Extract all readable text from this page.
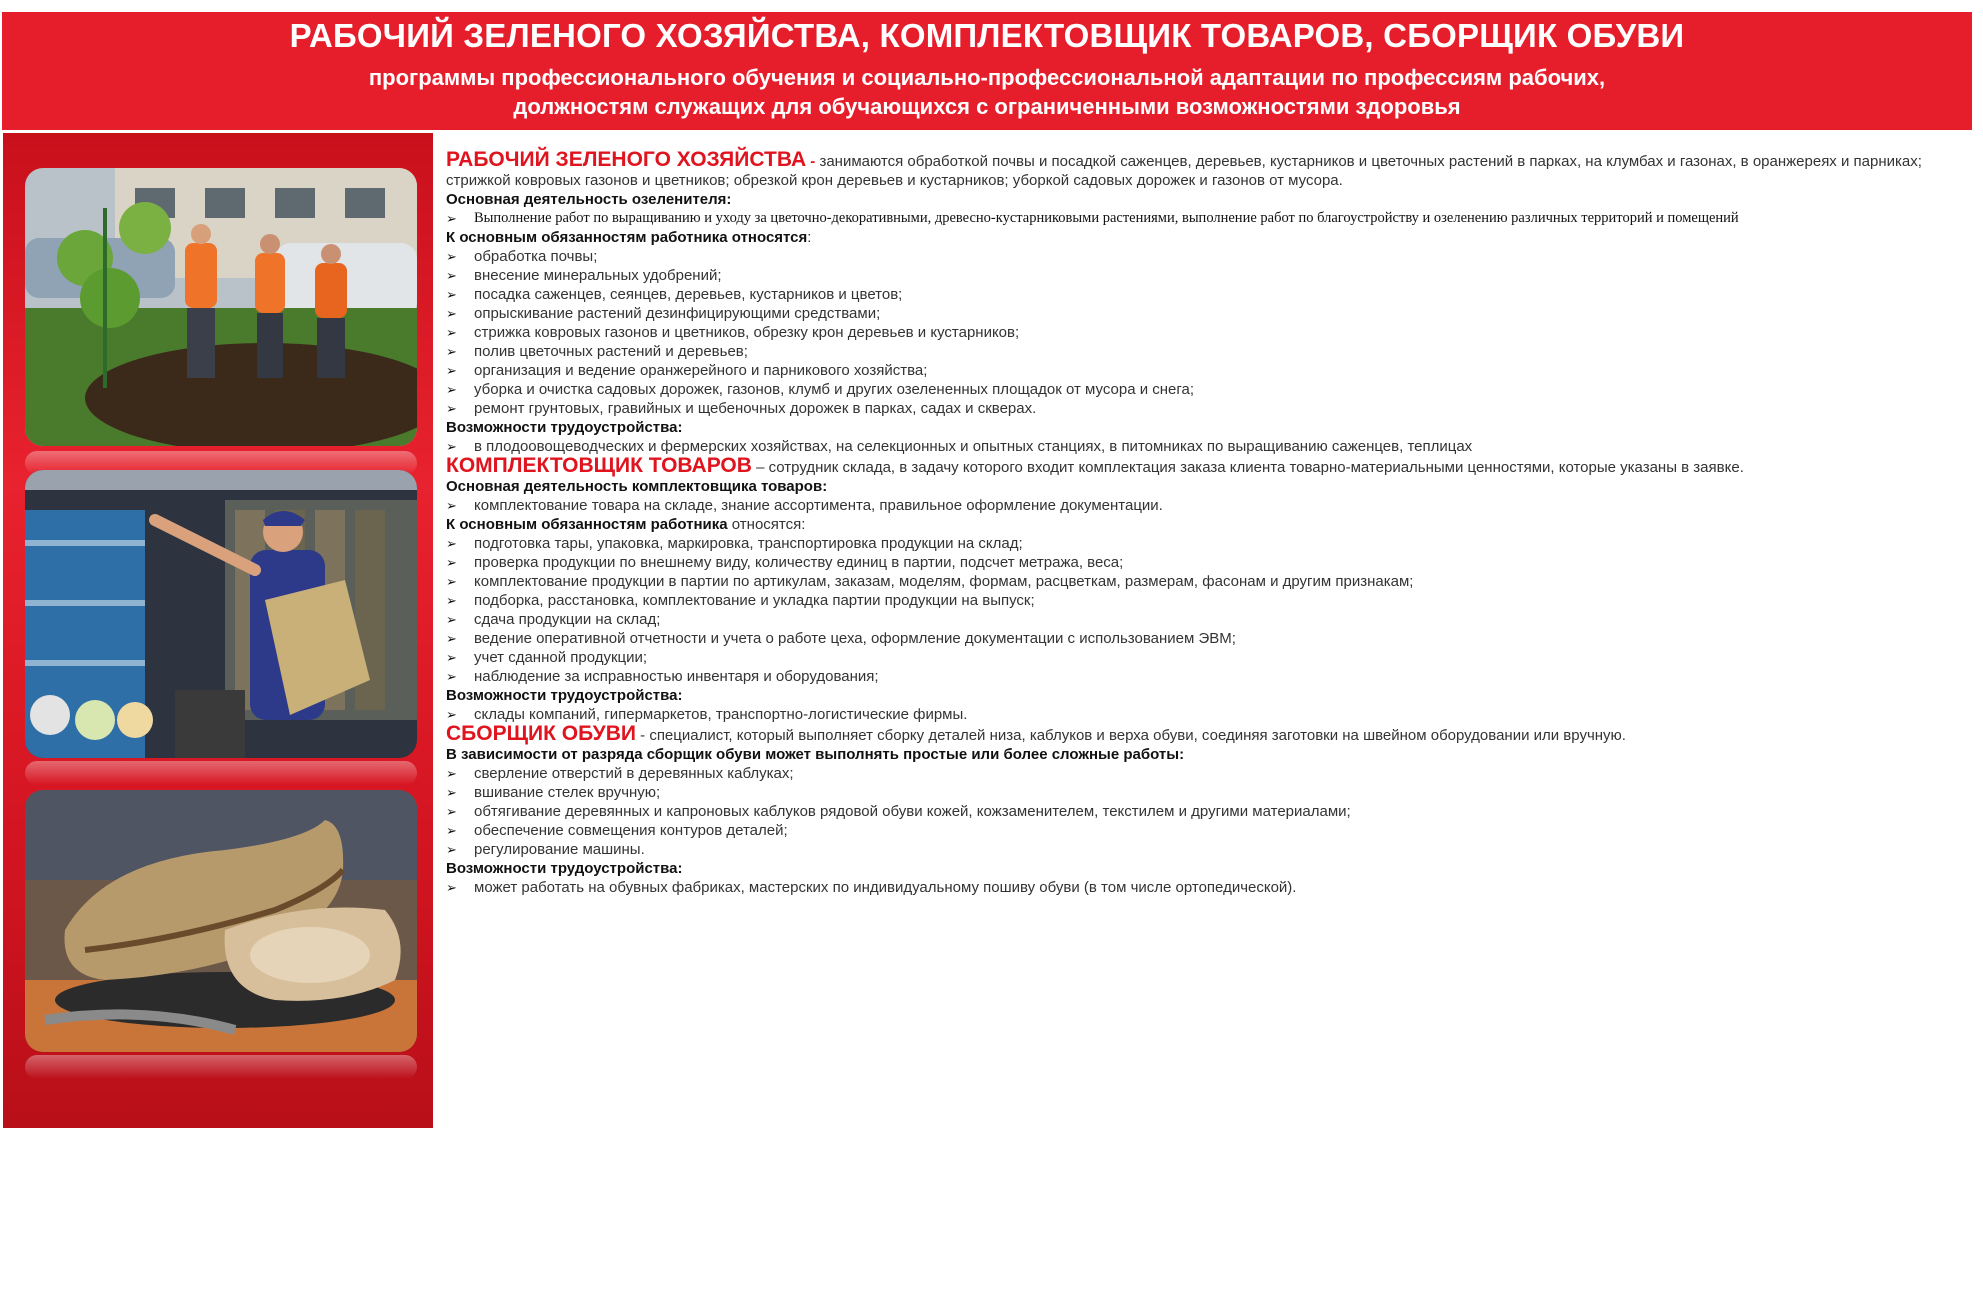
РАБОЧИЙ ЗЕЛЕНОГО ХОЗЯЙСТВА, КОМПЛЕКТОВЩИК ТОВАРОВ, СБОРЩИК ОБУВИ
программы профессионального обучения и социально-профессиональной адаптации по профессиям рабочих,
должностям служащих для обучающихся с ограниченными возможностями здоровья

РАБОЧИЙ ЗЕЛЕНОГО ХОЗЯЙСТВА - занимаются обработкой почвы и посадкой саженцев, деревьев, кустарников и цветочных растений в парках, на клумбах и газонах, в оранжереях и парниках; стрижкой ковровых газонов и цветников; обрезкой крон деревьев и кустарников; уборкой садовых дорожек и газонов от мусора.

Основная деятельность озеленителя:

➢ Выполнение работ по выращиванию и уходу за цветочно-декоративными, древесно-кустарниковыми растениями, выполнение работ по благоустройству и озеленению различных территорий и помещений

К основным обязанностям работника относятся:

➢ обработка почвы;
➢ внесение минеральных удобрений;
➢ посадка саженцев, сеянцев, деревьев, кустарников и цветов;
➢ опрыскивание растений дезинфицирующими средствами;
➢ стрижка ковровых газонов и цветников, обрезку крон деревьев и кустарников;
➢ полив цветочных растений и деревьев;
➢ организация и ведение оранжерейного и парникового хозяйства;
➢ уборка и очистка садовых дорожек, газонов, клумб и других озелененных площадок от мусора и снега;
➢ ремонт грунтовых, гравийных и щебеночных дорожек в парках, садах и скверах.

Возможности трудоустройства:

➢ в плодоовощеводческих и фермерских хозяйствах, на селекционных и опытных станциях, в питомниках по выращиванию саженцев, теплицах

КОМПЛЕКТОВЩИК ТОВАРОВ – сотрудник склада, в задачу которого входит комплектация заказа клиента товарно-материальными ценностями, которые указаны в заявке.

Основная деятельность комплектовщика товаров:

➢ комплектование товара на складе, знание ассортимента, правильное оформление документации.

К основным обязанностям работника относятся:

➢ подготовка тары, упаковка, маркировка, транспортировка продукции на склад;
➢ проверка продукции по внешнему виду, количеству единиц в партии, подсчет метража, веса;
➢ комплектование продукции в партии по артикулам, заказам, моделям, формам, расцветкам, размерам, фасонам и другим признакам;
➢ подборка, расстановка, комплектование и укладка партии продукции на выпуск;
➢ сдача продукции на склад;
➢ ведение оперативной отчетности и учета о работе цеха, оформление документации с использованием ЭВМ;
➢ учет сданной продукции;
➢ наблюдение за исправностью инвентаря и оборудования;

Возможности трудоустройства:

➢ склады компаний, гипермаркетов, транспортно-логистические фирмы.

СБОРЩИК ОБУВИ - специалист, который выполняет сборку деталей низа, каблуков и верха обуви, соединяя заготовки на швейном оборудовании или вручную.

В зависимости от разряда сборщик обуви может выполнять простые или более сложные работы:

➢ сверление отверстий в деревянных каблуках;
➢ вшивание стелек вручную;
➢ обтягивание деревянных и капроновых каблуков рядовой обуви кожей, кожзаменителем, текстилем и другими материалами;
➢ обеспечение совмещения контуров деталей;
➢ регулирование машины.

Возможности трудоустройства:

➢ может работать на обувных фабриках, мастерских по индивидуальному пошиву обуви (в том числе ортопедической).
